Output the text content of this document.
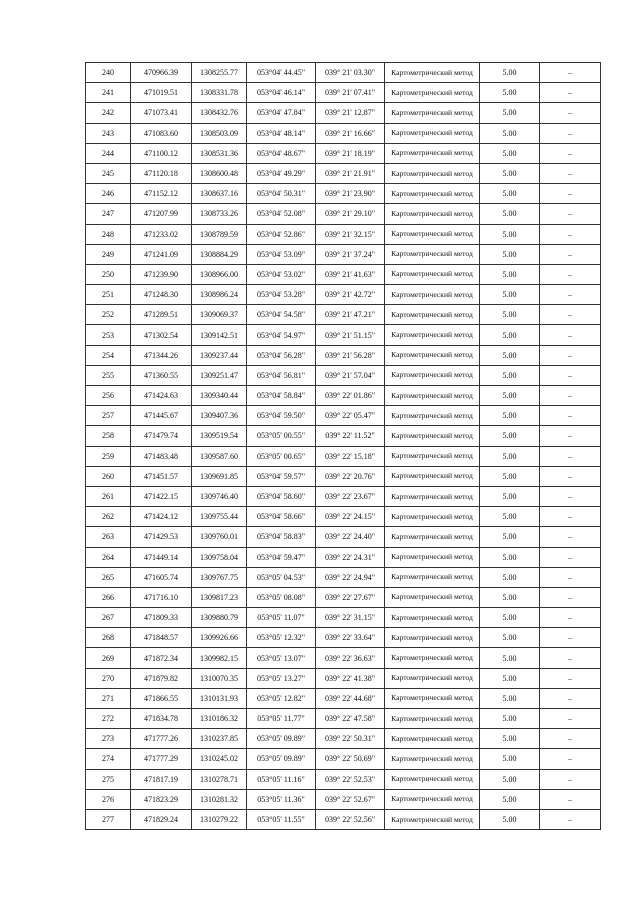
240	470966.39	1308255.77	053°04' 44.45"	039° 21' 03.30"	Картометрический метод	5.00	–
241	471019.51	1308331.78	053°04' 46.14"	039° 21' 07.41"	Картометрический метод	5.00	–
242	471073.41	1308432.76	053°04' 47.84"	039° 21' 12.87"	Картометрический метод	5.00	–
243	471083.60	1308503.09	053°04' 48.14"	039° 21' 16.66"	Картометрический метод	5.00	–
244	471100.12	1308531.36	053°04' 48.67"	039° 21' 18.19"	Картометрический метод	5.00	–
245	471120.18	1308600.48	053°04' 49.29"	039° 21' 21.91"	Картометрический метод	5.00	–
246	471152.12	1308637.16	053°04' 50.31"	039° 21' 23.90"	Картометрический метод	5.00	–
247	471207.99	1308733.26	053°04' 52.08"	039° 21' 29.10"	Картометрический метод	5.00	–
248	471233.02	1308789.59	053°04' 52.86"	039° 21' 32.15"	Картометрический метод	5.00	–
249	471241.09	1308884.29	053°04' 53.09"	039° 21' 37.24"	Картометрический метод	5.00	–
250	471239.90	1308966.00	053°04' 53.02"	039° 21' 41.63"	Картометрический метод	5.00	–
251	471248.30	1308986.24	053°04' 53.28"	039° 21' 42.72"	Картометрический метод	5.00	–
252	471289.51	1309069.37	053°04' 54.58"	039° 21' 47.21"	Картометрический метод	5.00	–
253	471302.54	1309142.51	053°04' 54.97"	039° 21' 51.15"	Картометрический метод	5.00	–
254	471344.26	1309237.44	053°04' 56.28"	039° 21' 56.28"	Картометрический метод	5.00	–
255	471360.55	1309251.47	053°04' 56.81"	039° 21' 57.04"	Картометрический метод	5.00	–
256	471424.63	1309340.44	053°04' 58.84"	039° 22' 01.86"	Картометрический метод	5.00	–
257	471445.67	1309407.36	053°04' 59.50"	039° 22' 05.47"	Картометрический метод	5.00	–
258	471479.74	1309519.54	053°05' 00.55"	039° 22' 11.52"	Картометрический метод	5.00	–
259	471483.48	1309587.60	053°05' 00.65"	039° 22' 15.18"	Картометрический метод	5.00	–
260	471451.57	1309691.85	053°04' 59.57"	039° 22' 20.76"	Картометрический метод	5.00	–
261	471422.15	1309746.40	053°04' 58.60"	039° 22' 23.67"	Картометрический метод	5.00	–
262	471424.12	1309755.44	053°04' 58.66"	039° 22' 24.15"	Картометрический метод	5.00	–
263	471429.53	1309760.01	053°04' 58.83"	039° 22' 24.40"	Картометрический метод	5.00	–
264	471449.14	1309758.04	053°04' 59.47"	039° 22' 24.31"	Картометрический метод	5.00	–
265	471605.74	1309767.75	053°05' 04.53"	039° 22' 24.94"	Картометрический метод	5.00	–
266	471716.10	1309817.23	053°05' 08.08"	039° 22' 27.67"	Картометрический метод	5.00	–
267	471809.33	1309880.79	053°05' 11.07"	039° 22' 31.15"	Картометрический метод	5.00	–
268	471848.57	1309926.66	053°05' 12.32"	039° 22' 33.64"	Картометрический метод	5.00	–
269	471872.34	1309982.15	053°05' 13.07"	039° 22' 36.63"	Картометрический метод	5.00	–
270	471879.82	1310070.35	053°05' 13.27"	039° 22' 41.38"	Картометрический метод	5.00	–
271	471866.55	1310131.93	053°05' 12.82"	039° 22' 44.68"	Картометрический метод	5.00	–
272	471834.78	1310186.32	053°05' 11.77"	039° 22' 47.58"	Картометрический метод	5.00	–
273	471777.26	1310237.85	053°05' 09.89"	039° 22' 50.31"	Картометрический метод	5.00	–
274	471777.29	1310245.02	053°05' 09.89"	039° 22' 50.69"	Картометрический метод	5.00	–
275	471817.19	1310278.71	053°05' 11.16"	039° 22' 52.53"	Картометрический метод	5.00	–
276	471823.29	1310281.32	053°05' 11.36"	039° 22' 52.67"	Картометрический метод	5.00	–
277	471829.24	1310279.22	053°05' 11.55"	039° 22' 52.56"	Картометрический метод	5.00	–
